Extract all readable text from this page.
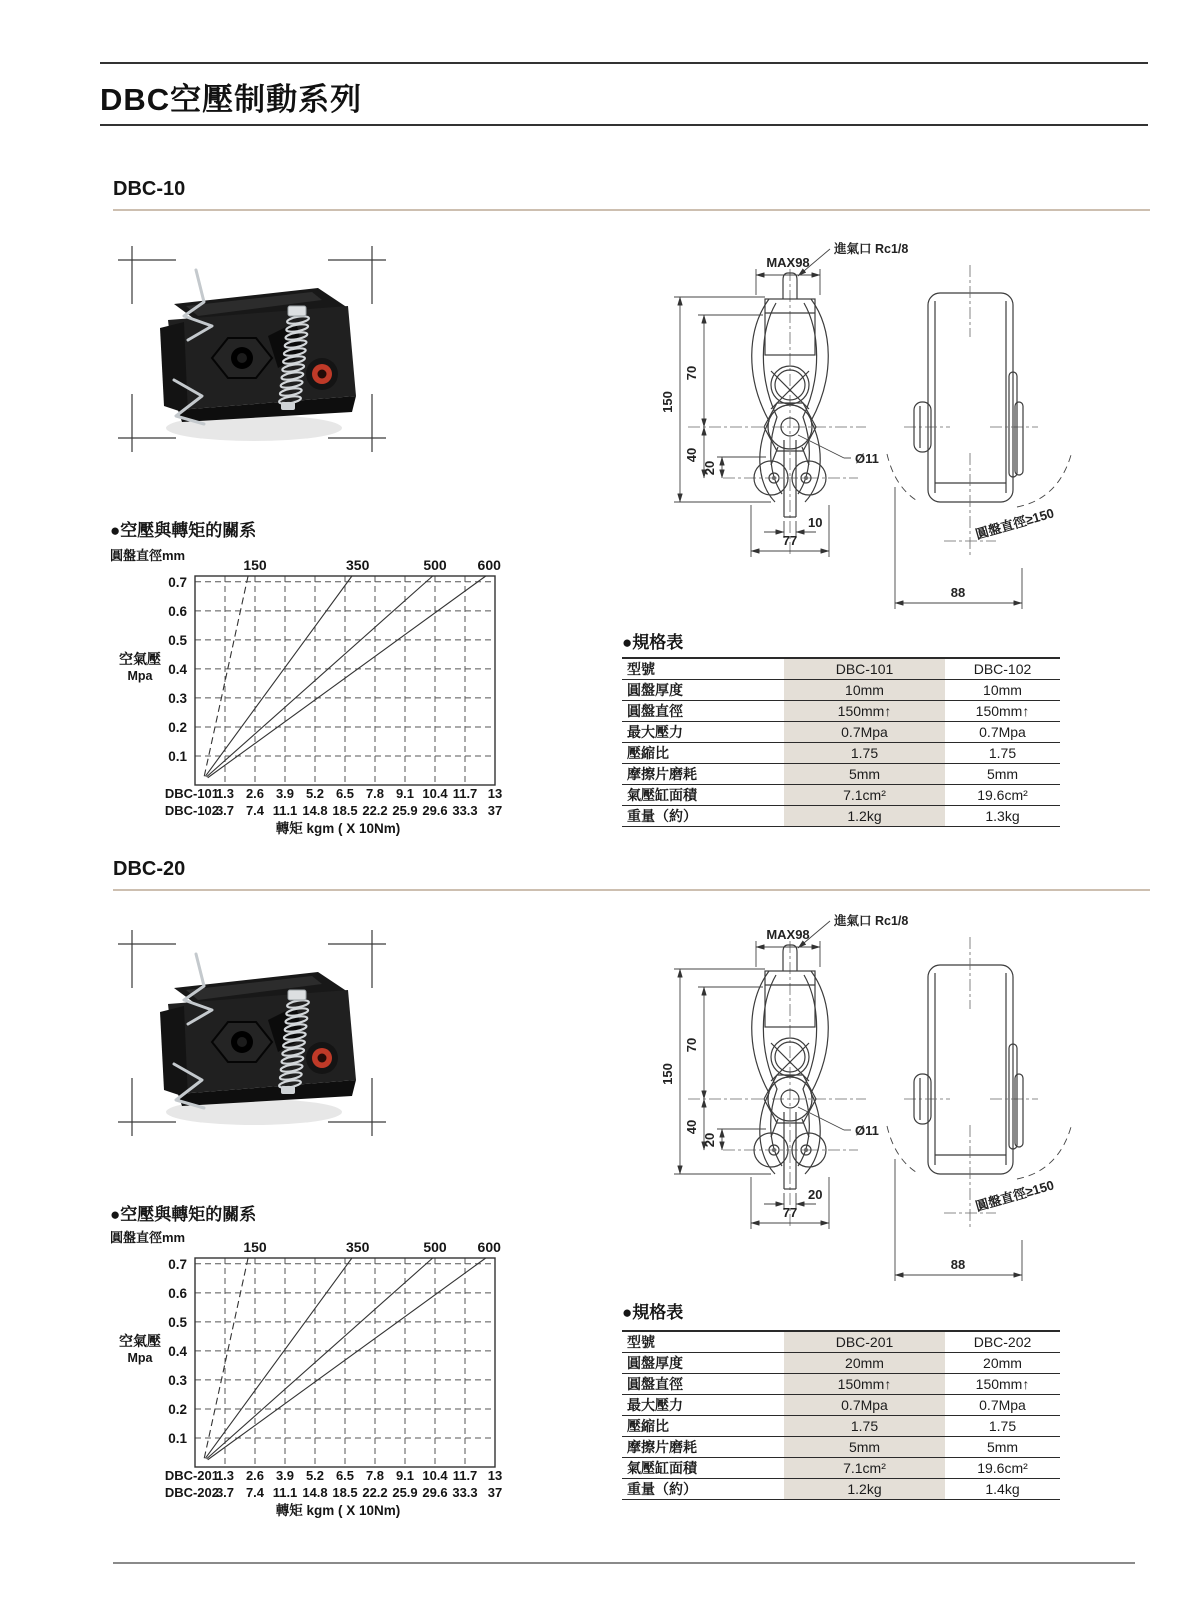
DBC空壓制動系列
DBC-10
進氣口 Rc1/8
MAX98
150
70
40
20
Ø11
10
77	圓盤直徑≥150
88
●空壓與轉矩的關系
圓盤直徑mm
150	350	500 600
0.1
0.2
0.3
0.4
0.5
0.6
0.7
空氣壓
Mpa
DBC-101
1.3 2.6 3.9 5.2 6.5 7.8 9.1 10.4 11.7 13
DBC-102
3.7 7.4 11.1 14.8 18.5 22.2 25.9 29.6 33.3 37
轉矩 kgm ( X 10Nm)
●規格表
型號	DBC-101	DBC-102
圓盤厚度	10mm	10mm
圓盤直徑	150mm↑	150mm↑
最大壓力	0.7Mpa	0.7Mpa
壓縮比	1.75	1.75
摩擦片磨耗	5mm	5mm
氣壓缸面積	7.1cm²	19.6cm²
重量（約）	1.2kg	1.3kg
DBC-20
進氣口 Rc1/8
MAX98
150
70
40
20
Ø11
20
77	圓盤直徑≥150
88
●空壓與轉矩的關系
圓盤直徑mm
150	350	500 600
0.1
0.2
0.3
0.4
0.5
0.6
0.7
空氣壓
Mpa
DBC-201
1.3 2.6 3.9 5.2 6.5 7.8 9.1 10.4 11.7 13
DBC-202
3.7 7.4 11.1 14.8 18.5 22.2 25.9 29.6 33.3 37
轉矩 kgm ( X 10Nm)
●規格表
型號	DBC-201	DBC-202
圓盤厚度	20mm	20mm
圓盤直徑	150mm↑	150mm↑
最大壓力	0.7Mpa	0.7Mpa
壓縮比	1.75	1.75
摩擦片磨耗	5mm	5mm
氣壓缸面積	7.1cm²	19.6cm²
重量（約）	1.2kg	1.4kg
